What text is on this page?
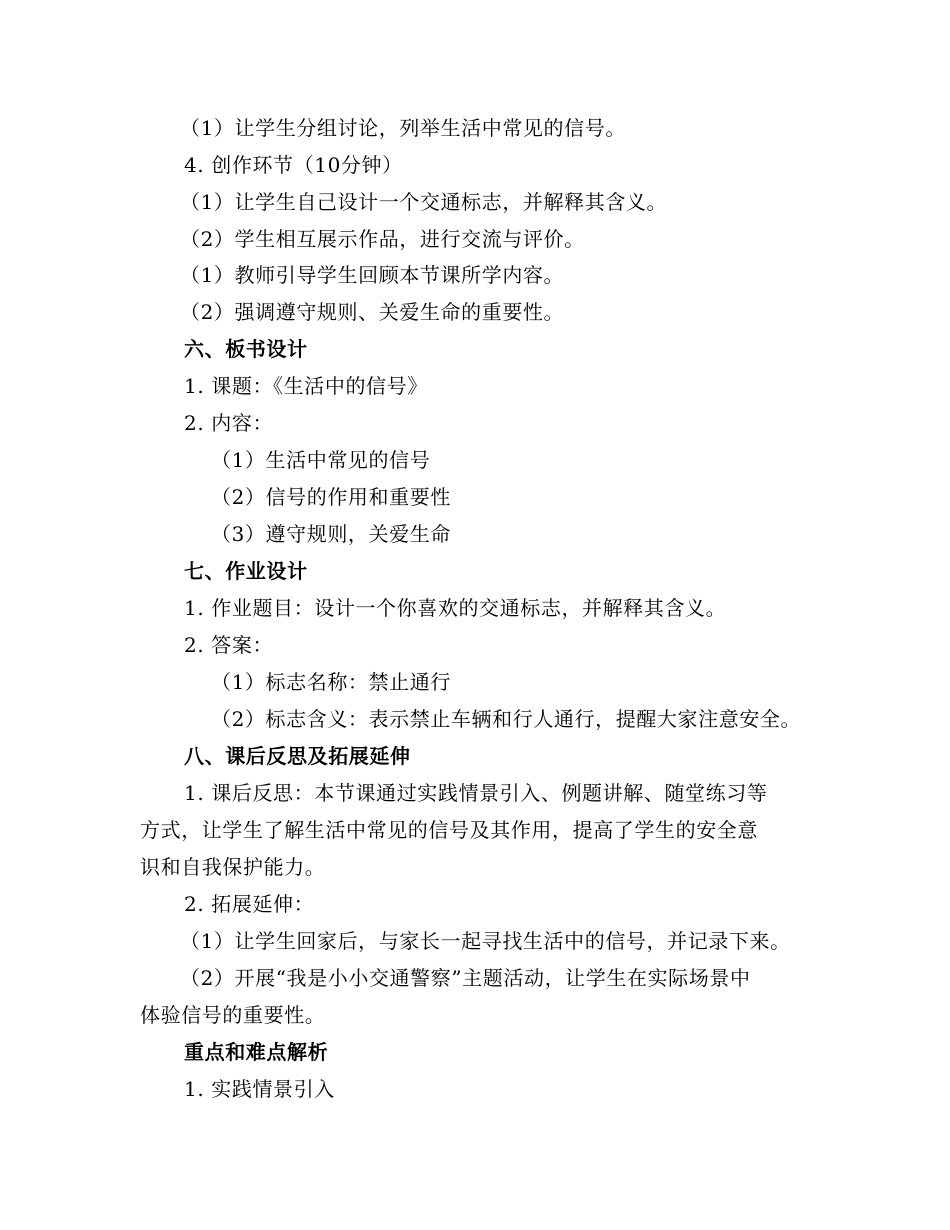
（1）让学生分组讨论，列举生活中常见的信号。
4. 创作环节（10分钟）
（1）让学生自己设计一个交通标志，并解释其含义。
（2）学生相互展示作品，进行交流与评价。
（1）教师引导学生回顾本节课所学内容。
（2）强调遵守规则、关爱生命的重要性。
六、板书设计
1. 课题：《生活中的信号》
2. 内容：
（1）生活中常见的信号
（2）信号的作用和重要性
（3）遵守规则，关爱生命
七、作业设计
1. 作业题目：设计一个你喜欢的交通标志，并解释其含义。
2. 答案：
（1）标志名称：禁止通行
（2）标志含义：表示禁止车辆和行人通行，提醒大家注意安全。
八、课后反思及拓展延伸
1. 课后反思：本节课通过实践情景引入、例题讲解、随堂练习等
方式，让学生了解生活中常见的信号及其作用，提高了学生的安全意
识和自我保护能力。
2. 拓展延伸：
（1）让学生回家后，与家长一起寻找生活中的信号，并记录下来。
（2）开展“我是小小交通警察”主题活动，让学生在实际场景中
体验信号的重要性。
重点和难点解析
1. 实践情景引入
